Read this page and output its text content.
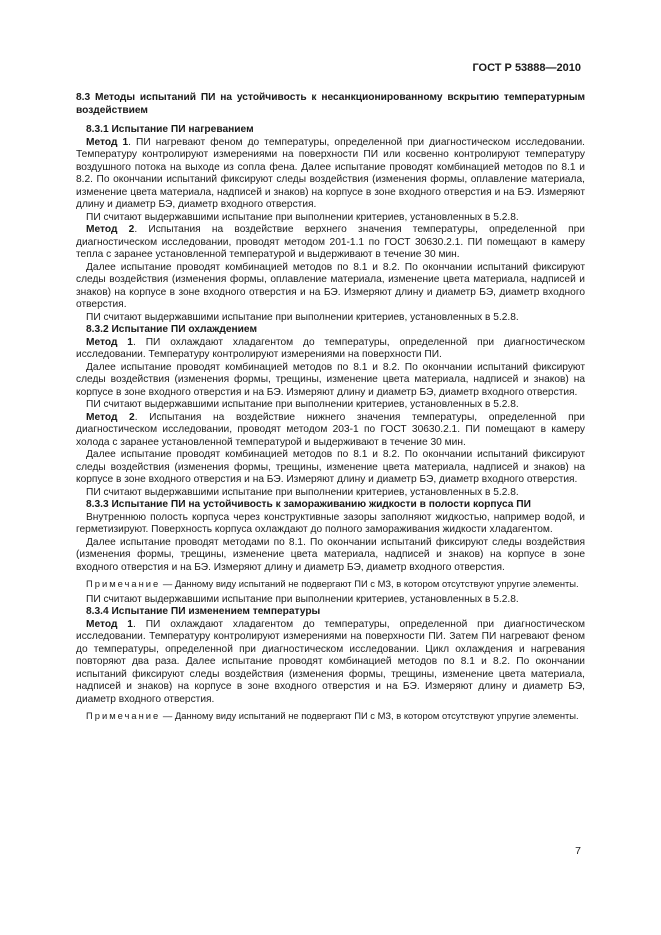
ГОСТ Р 53888—2010

8.3 Методы испытаний ПИ на устойчивость к несанкционированному вскрытию температурным воздействием

8.3.1 Испытание ПИ нагреванием

Метод 1. ПИ нагревают феном до температуры, определенной при диагностическом исследовании. Температуру контролируют измерениями на поверхности ПИ или косвенно контролируют температуру воздушного потока на выходе из сопла фена. Далее испытание проводят комбинацией методов по 8.1 и 8.2. По окончании испытаний фиксируют следы воздействия (изменения формы, оплавление материала, изменение цвета материала, надписей и знаков) на корпусе в зоне входного отверстия и на БЭ. Измеряют длину и диаметр БЭ, диаметр входного отверстия.

ПИ считают выдержавшими испытание при выполнении критериев, установленных в 5.2.8.

Метод 2. Испытания на воздействие верхнего значения температуры, определенной при диагностическом исследовании, проводят методом 201-1.1 по ГОСТ 30630.2.1. ПИ помещают в камеру тепла с заранее установленной температурой и выдерживают в течение 30 мин.

Далее испытание проводят комбинацией методов по 8.1 и 8.2. По окончании испытаний фиксируют следы воздействия (изменения формы, оплавление материала, изменение цвета материала, надписей и знаков) на корпусе в зоне входного отверстия и на БЭ. Измеряют длину и диаметр БЭ, диаметр входного отверстия.

ПИ считают выдержавшими испытание при выполнении критериев, установленных в 5.2.8.

8.3.2 Испытание ПИ охлаждением

Метод 1. ПИ охлаждают хладагентом до температуры, определенной при диагностическом исследовании. Температуру контролируют измерениями на поверхности ПИ.

Далее испытание проводят комбинацией методов по 8.1 и 8.2. По окончании испытаний фиксируют следы воздействия (изменения формы, трещины, изменение цвета материала, надписей и знаков) на корпусе в зоне входного отверстия и на БЭ. Измеряют длину и диаметр БЭ, диаметр входного отверстия.

ПИ считают выдержавшими испытание при выполнении критериев, установленных в 5.2.8.

Метод 2. Испытания на воздействие нижнего значения температуры, определенной при диагностическом исследовании, проводят методом 203-1 по ГОСТ 30630.2.1. ПИ помещают в камеру холода с заранее установленной температурой и выдерживают в течение 30 мин.

Далее испытание проводят комбинацией методов по 8.1 и 8.2. По окончании испытаний фиксируют следы воздействия (изменения формы, трещины, изменение цвета материала, надписей и знаков) на корпусе в зоне входного отверстия и на БЭ. Измеряют длину и диаметр БЭ, диаметр входного отверстия.

ПИ считают выдержавшими испытание при выполнении критериев, установленных в 5.2.8.

8.3.3 Испытание ПИ на устойчивость к замораживанию жидкости в полости корпуса ПИ

Внутреннюю полость корпуса через конструктивные зазоры заполняют жидкостью, например водой, и герметизируют. Поверхность корпуса охлаждают до полного замораживания жидкости хладагентом.

Далее испытание проводят методами по 8.1. По окончании испытаний фиксируют следы воздействия (изменения формы, трещины, изменение цвета материала, надписей и знаков) на корпусе в зоне входного отверстия и на БЭ. Измеряют длину и диаметр БЭ, диаметр входного отверстия.

Примечание — Данному виду испытаний не подвергают ПИ с МЗ, в котором отсутствуют упругие элементы.

ПИ считают выдержавшими испытание при выполнении критериев, установленных в 5.2.8.

8.3.4 Испытание ПИ изменением температуры

Метод 1. ПИ охлаждают хладагентом до температуры, определенной при диагностическом исследовании. Температуру контролируют измерениями на поверхности ПИ. Затем ПИ нагревают феном до температуры, определенной при диагностическом исследовании. Цикл охлаждения и нагревания повторяют два раза. Далее испытание проводят комбинацией методов по 8.1 и 8.2. По окончании испытаний фиксируют следы воздействия (изменения формы, трещины, изменение цвета материала, надписей и знаков) на корпусе в зоне входного отверстия и на БЭ. Измеряют длину и диаметр БЭ, диаметр входного отверстия.

Примечание — Данному виду испытаний не подвергают ПИ с МЗ, в котором отсутствуют упругие элементы.

7
